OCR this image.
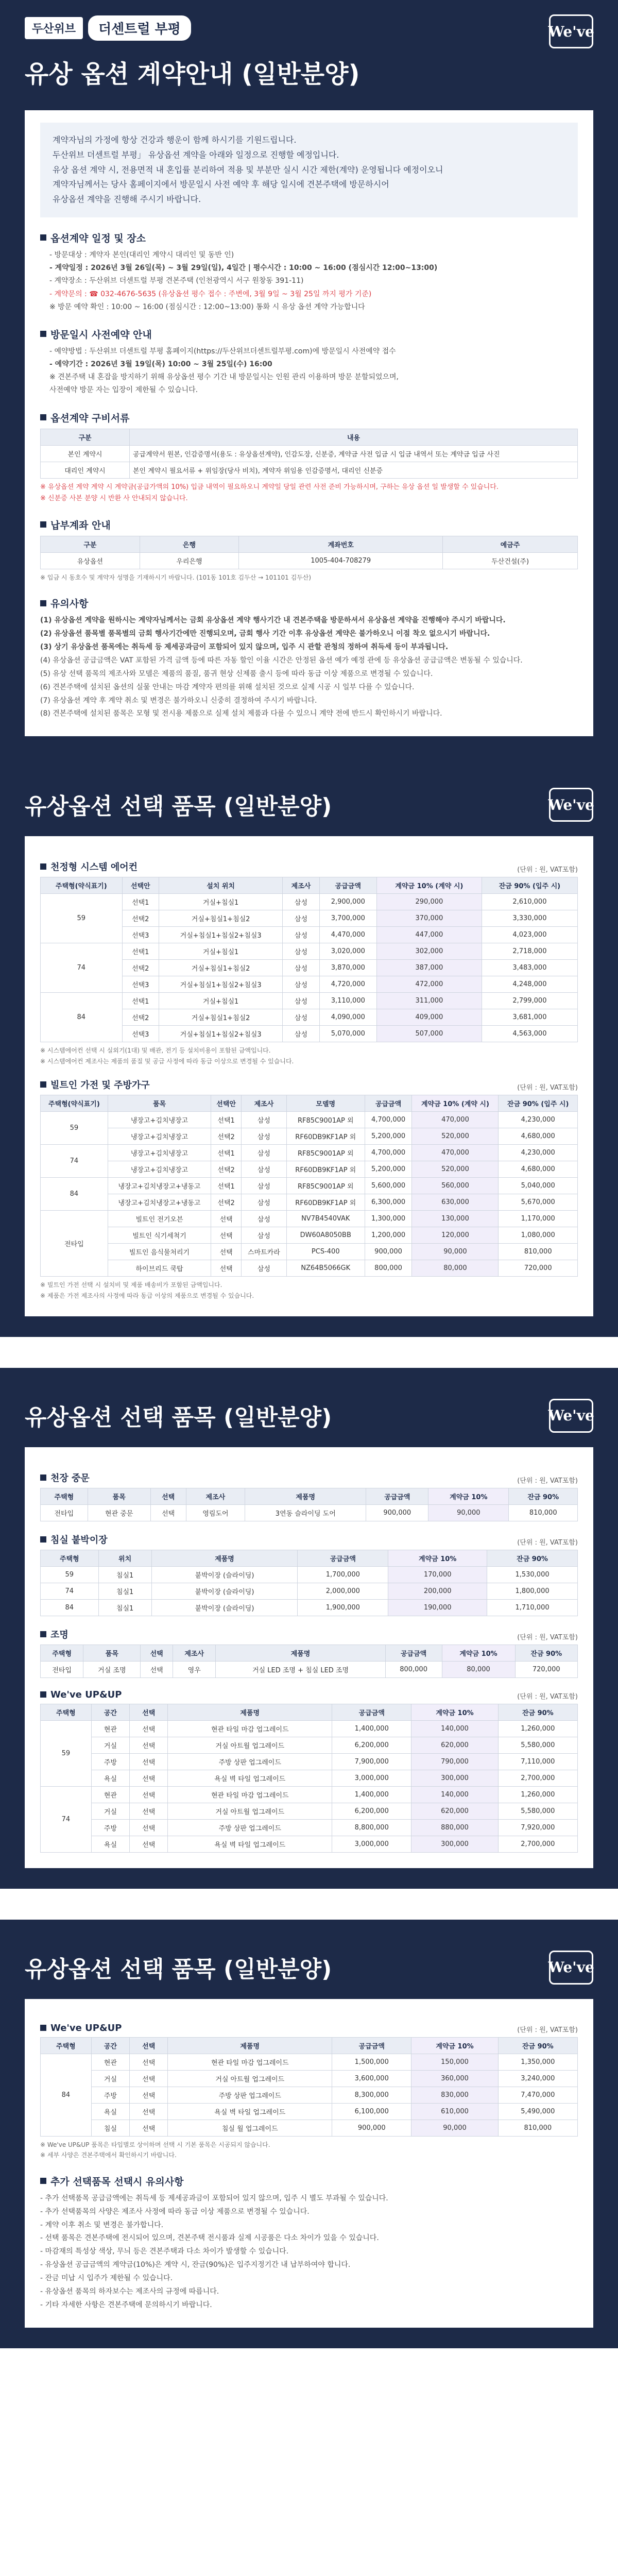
두산위브	더센트럴 부평	We've
유상 옵션 계약안내 (일반분양)
계약자님의 가정에 항상 건강과 행운이 함께 하시기를 기원드립니다.
두산위브 더센트럴 부평」 유상옵션 계약을 아래와 일정으로 진행할 예정입니다.
유상 옵션 계약 시, 전용면적 내 혼입률 분리하여 적용 및 부분만 실시 시간 제한(계약) 운영됩니다 예정이오니
계약자님께서는 당사 홈페이지에서 방문일시 사전 예약 후 해당 일시에 견본주택에 방문하시어
유상옵션 계약을 진행해 주시기 바랍니다.
옵션계약 일정 및 장소
- 방문대상 : 계약자 본인(대리인 계약시 대리인 및 동반 인)
- 계약일정 : 2026년 3월 26일(목) ~ 3월 29일(일), 4일간 | 평수시간 : 10:00 ~ 16:00 (점심시간 12:00~13:00)
- 계약장소 : 두산위브 더센트럴 부평 견본주택 (인천광역시 서구 원창동 391-11)
- 계약문의 : ☎ 032-4676-5635 (유상옵션 평수 접수 : 주변에, 3월 9일 ~ 3월 25일 까지 평가 기준)
※ 방문 예약 확인 : 10:00 ~ 16:00 (점심시간 : 12:00~13:00) 통화 시 유상 옵션 계약 가능합니다
방문일시 사전예약 안내
- 예약방법 : 두산위브 더센트럴 부평 홈페이지(https://두산위브더센트럴부평.com)에 방문일시 사전예약 접수
- 예약기간 : 2026년 3월 19일(목) 10:00 ~ 3월 25일(수) 16:00
※ 견본주택 내 혼잡을 방지하기 위해 유상옵션 평수 기간 내 방문일시는 인원 관리 이용하며 방문 분할되었으며,
사전예약 방문 자는 입장이 제한될 수 있습니다.
옵션계약 구비서류
구분	내용
본인 계약시	공급계약서 원본, 인감증명서(용도 : 유상옵션계약), 인감도장, 신분증, 계약금 사전 입금 시 입금 내역서 또는 계약금 입금 사진
대리인 계약시	본인 계약시 필요서류 + 위임장(당사 비치), 계약자 위임용 인감증명서, 대리인 신분증
※ 유상옵션 계약 계약 시 계약금(공급가액의 10%) 입금 내역이 필요하오니 계약일 당일 관련 사전 준비 가능하시며, 구하는 유상 옵션 일 발생할 수 있습니다.
※ 신분증 사본 분양 시 반환 사 안내되지 않습니다.
납부계좌 안내
구분	은행	계좌번호	예금주
유상옵션	우리은행	1005-404-708279	두산건설(주)
※ 입금 시 동호수 및 계약자 성명을 기재하시기 바랍니다. (101동 101호 김두산 → 101101 김두산)
유의사항
(1) 유상옵션 계약을 원하시는 계약자님께서는 금회 유상옵션 계약 행사기간 내 견본주택을 방문하셔서 유상옵션 계약을 진행해야 주시기 바랍니다.
(2) 유상옵션 품목별 품목별의 금회 행사기간에만 진행되오며, 금회 행사 기간 이후 유상옵션 계약은 불가하오니 이점 착오 없으시기 바랍니다.
(3) 상기 유상옵션 품목에는 취득세 등 제세공과금이 포함되어 있지 않으며, 입주 시 관할 관청의 정하여 취득세 등이 부과됩니다.
(4) 유상옵션 공급금액은 VAT 포함된 가격 금액 등에 따른 자동 할인 이율 시간은 안정된 옵션 예가 예정 관에 등 유상옵션 공급금액은 변동될 수 있습니다.
(5) 유상 선택 품목의 제조사와 모델은 제품의 품질, 품귀 현상 신제품 출시 등에 따라 동급 이상 제품으로 변경될 수 있습니다.
(6) 견본주택에 설치된 옵션의 실물 안내는 마감 계약자 편의를 위해 설치된 것으로 실제 시공 시 일부 다를 수 있습니다.
(7) 유상옵션 계약 후 계약 취소 및 변경은 불가하오니 신중히 결정하여 주시기 바랍니다.
(8) 견본주택에 설치된 품목은 모형 및 전시용 제품으로 실제 설치 제품과 다를 수 있으니 계약 전에 반드시 확인하시기 바랍니다.
유상옵션 선택 품목 (일반분양)	We've
천정형 시스템 에어컨	(단위 : 원, VAT포함)
주택형(약식표기)	선택안	설치 위치	제조사	공급금액	계약금 10% (계약 시)	잔금 90% (입주 시)
59	선택1	거실+침실1	삼성	2,900,000	290,000	2,610,000
	선택2	거실+침실1+침실2	삼성	3,700,000	370,000	3,330,000
	선택3	거실+침실1+침실2+침실3	삼성	4,470,000	447,000	4,023,000
74	선택1	거실+침실1	삼성	3,020,000	302,000	2,718,000
	선택2	거실+침실1+침실2	삼성	3,870,000	387,000	3,483,000
	선택3	거실+침실1+침실2+침실3	삼성	4,720,000	472,000	4,248,000
84	선택1	거실+침실1	삼성	3,110,000	311,000	2,799,000
	선택2	거실+침실1+침실2	삼성	4,090,000	409,000	3,681,000
	선택3	거실+침실1+침실2+침실3	삼성	5,070,000	507,000	4,563,000
※ 시스템에어컨 선택 시 실외기(1대) 및 배관, 전기 등 설치비용이 포함된 금액입니다.
※ 시스템에어컨 제조사는 제품의 품질 및 공급 사정에 따라 동급 이상으로 변경될 수 있습니다.
빌트인 가전 및 주방가구	(단위 : 원, VAT포함)
주택형(약식표기)	품목	선택안	제조사	모델명	공급금액	계약금 10% (계약 시)	잔금 90% (입주 시)
59	냉장고+김치냉장고	선택1	삼성	RF85C9001AP 외	4,700,000	470,000	4,230,000
	냉장고+김치냉장고	선택2	삼성	RF60DB9KF1AP 외	5,200,000	520,000	4,680,000
74	냉장고+김치냉장고	선택1	삼성	RF85C9001AP 외	4,700,000	470,000	4,230,000
	냉장고+김치냉장고	선택2	삼성	RF60DB9KF1AP 외	5,200,000	520,000	4,680,000
84	냉장고+김치냉장고+냉동고	선택1	삼성	RF85C9001AP 외	5,600,000	560,000	5,040,000
	냉장고+김치냉장고+냉동고	선택2	삼성	RF60DB9KF1AP 외	6,300,000	630,000	5,670,000
전타입	빌트인 전기오븐	선택	삼성	NV7B4540VAK	1,300,000	130,000	1,170,000
	빌트인 식기세척기	선택	삼성	DW60A8050BB	1,200,000	120,000	1,080,000
	빌트인 음식물처리기	선택	스마트카라	PCS-400	900,000	90,000	810,000
	하이브리드 쿡탑	선택	삼성	NZ64B5066GK	800,000	80,000	720,000
※ 빌트인 가전 선택 시 설치비 및 제품 배송비가 포함된 금액입니다.
※ 제품은 가전 제조사의 사정에 따라 동급 이상의 제품으로 변경될 수 있습니다.
유상옵션 선택 품목 (일반분양)	We've
천장 중문	(단위 : 원, VAT포함)
주택형	품목	선택	제조사	제품명	공급금액	계약금 10%	잔금 90%
전타입	현관 중문	선택	영림도어	3연동 슬라이딩 도어	900,000	90,000	810,000
침실 붙박이장	(단위 : 원, VAT포함)
주택형	위치	제품명	공급금액	계약금 10%	잔금 90%
59	침실1	붙박이장 (슬라이딩)	1,700,000	170,000	1,530,000
74	침실1	붙박이장 (슬라이딩)	2,000,000	200,000	1,800,000
84	침실1	붙박이장 (슬라이딩)	1,900,000	190,000	1,710,000
조명	(단위 : 원, VAT포함)
주택형	품목	선택	제조사	제품명	공급금액	계약금 10%	잔금 90%
전타입	거실 조명	선택	영우	거실 LED 조명 + 침실 LED 조명	800,000	80,000	720,000
We've UP&UP	(단위 : 원, VAT포함)
주택형	공간	선택	제품명	공급금액	계약금 10%	잔금 90%
59	현관	선택	현관 타일 마감 업그레이드	1,400,000	140,000	1,260,000
	거실	선택	거실 아트월 업그레이드	6,200,000	620,000	5,580,000
	주방	선택	주방 상판 업그레이드	7,900,000	790,000	7,110,000
	욕실	선택	욕실 벽 타일 업그레이드	3,000,000	300,000	2,700,000
74	현관	선택	현관 타일 마감 업그레이드	1,400,000	140,000	1,260,000
	거실	선택	거실 아트월 업그레이드	6,200,000	620,000	5,580,000
	주방	선택	주방 상판 업그레이드	8,800,000	880,000	7,920,000
	욕실	선택	욕실 벽 타일 업그레이드	3,000,000	300,000	2,700,000
유상옵션 선택 품목 (일반분양)	We've
We've UP&UP	(단위 : 원, VAT포함)
주택형	공간	선택	제품명	공급금액	계약금 10%	잔금 90%
84	현관	선택	현관 타일 마감 업그레이드	1,500,000	150,000	1,350,000
	거실	선택	거실 아트월 업그레이드	3,600,000	360,000	3,240,000
	주방	선택	주방 상판 업그레이드	8,300,000	830,000	7,470,000
	욕실	선택	욕실 벽 타일 업그레이드	6,100,000	610,000	5,490,000
	침실	선택	침실 월 업그레이드	900,000	90,000	810,000
※ We've UP&UP 품목은 타입별로 상이하며 선택 시 기본 품목은 시공되지 않습니다.
※ 세부 사양은 견본주택에서 확인하시기 바랍니다.
추가 선택품목 선택시 유의사항
- 추가 선택품목 공급금액에는 취득세 등 제세공과금이 포함되어 있지 않으며, 입주 시 별도 부과될 수 있습니다.
- 추가 선택품목의 사양은 제조사 사정에 따라 동급 이상 제품으로 변경될 수 있습니다.
- 계약 이후 취소 및 변경은 불가합니다.
- 선택 품목은 견본주택에 전시되어 있으며, 견본주택 전시품과 실제 시공품은 다소 차이가 있을 수 있습니다.
- 마감재의 특성상 색상, 무늬 등은 견본주택과 다소 차이가 발생할 수 있습니다.
- 유상옵션 공급금액의 계약금(10%)은 계약 시, 잔금(90%)은 입주지정기간 내 납부하여야 합니다.
- 잔금 미납 시 입주가 제한될 수 있습니다.
- 유상옵션 품목의 하자보수는 제조사의 규정에 따릅니다.
- 기타 자세한 사항은 견본주택에 문의하시기 바랍니다.
